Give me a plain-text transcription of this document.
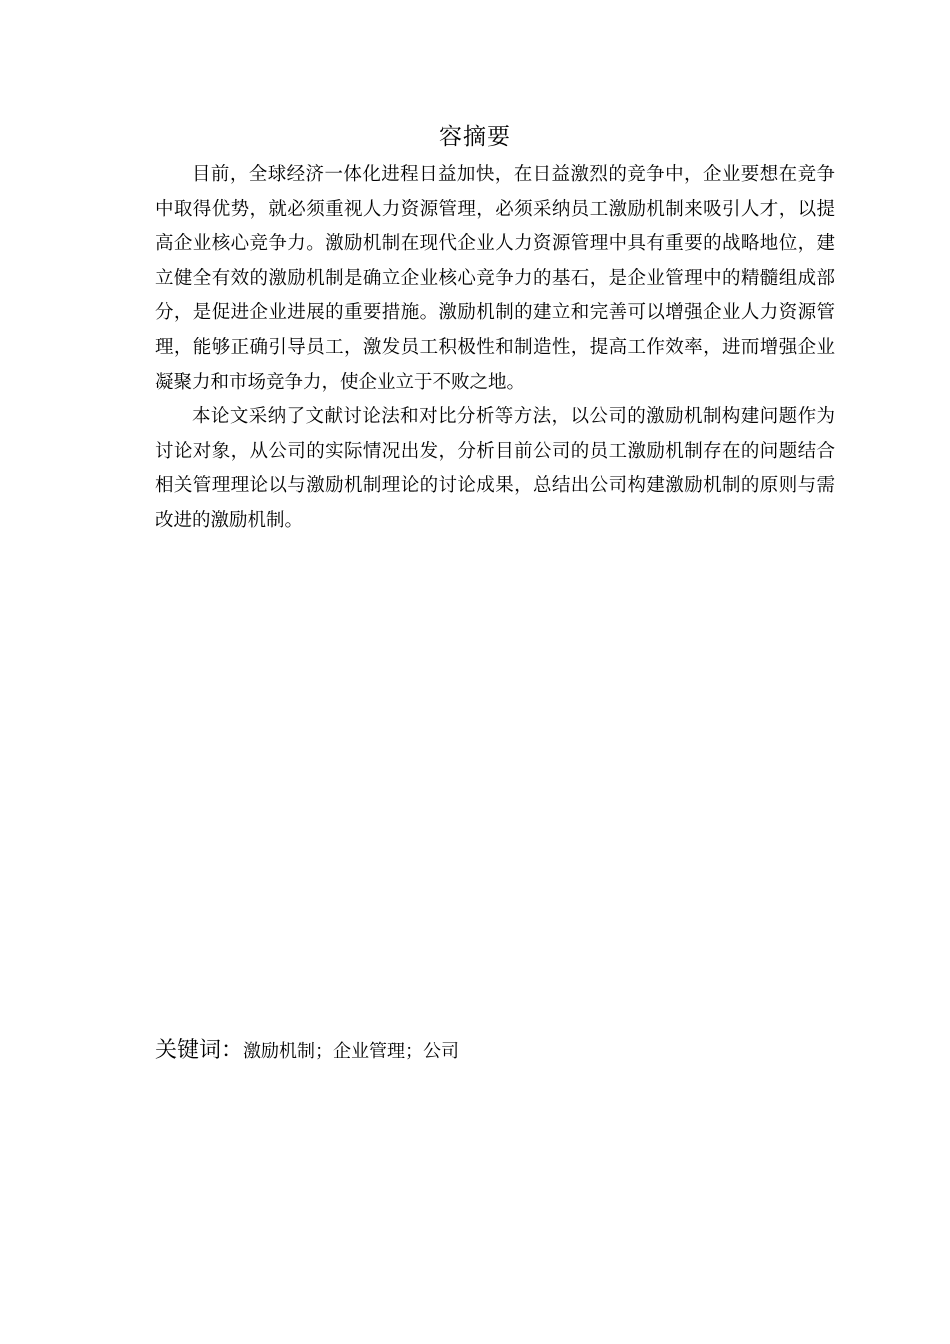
容摘要

目前，全球经济一体化进程日益加快，在日益激烈的竞争中，企业要想在竞争中取得优势，就必须重视人力资源管理，必须采纳员工激励机制来吸引人才，以提高企业核心竞争力。激励机制在现代企业人力资源管理中具有重要的战略地位，建立健全有效的激励机制是确立企业核心竞争力的基石，是企业管理中的精髓组成部分，是促进企业进展的重要措施。激励机制的建立和完善可以增强企业人力资源管理，能够正确引导员工，激发员工积极性和制造性，提高工作效率，进而增强企业凝聚力和市场竞争力，使企业立于不败之地。

本论文采纳了文献讨论法和对比分析等方法，以公司的激励机制构建问题作为讨论对象，从公司的实际情况出发，分析目前公司的员工激励机制存在的问题结合相关管理理论以与激励机制理论的讨论成果，总结出公司构建激励机制的原则与需改进的激励机制。

关键词：激励机制；企业管理；公司
